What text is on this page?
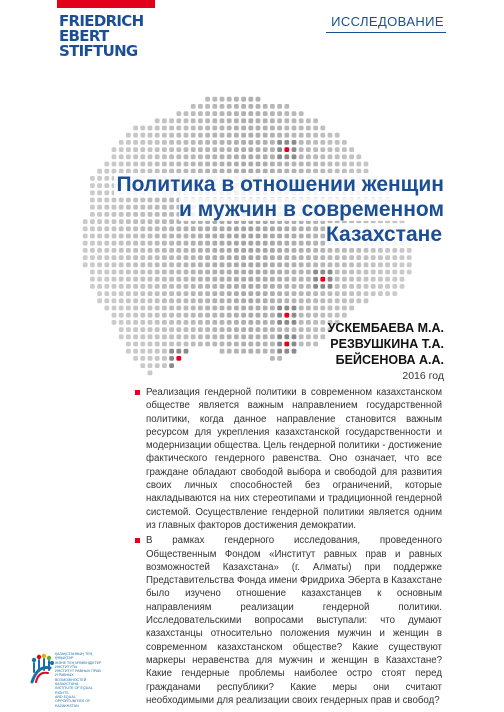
FRIEDRICH
EBERT
STIFTUNG
ИССЛЕДОВАНИЕ
Политика в отношении женщин и мужчин в современном Казахстане
УСКЕМБАЕВА М.А.
РЕЗВУШКИНА Т.А.
БЕЙСЕНОВА А.А.
2016 год

Реализация гендерной политики в современном казахстанском обществе является важным направлением государственной политики, когда данное направление становится важным ресурсом для укрепления казахстанской государственности и модернизации общества. Цель гендерной политики - достижение фактического гендерного равенства. Оно означает, что все граждане обладают свободой выбора и свободой для развития своих личных способностей без ограничений, которые накладываются на них стереотипами и традиционной гендерной системой. Осуществление гендерной политики является одним из главных факторов достижения демократии.

В рамках гендерного исследования, проведенного Общественным Фондом «Институт равных прав и равных возможностей Казахстана» (г. Алматы) при поддержке Представительства Фонда имени Фридриха Эберта в Казахстане было изучено отношение казахстанцев к основным направлениям реализации гендерной политики. Исследовательскими вопросами выступали: что думают казахстанцы относительно положения мужчин и женщин в современном казахстанском обществе? Какие существуют маркеры неравенства для мужчин и женщин в Казахстане? Какие гендерные проблемы наиболее остро стоят перед гражданами республики? Какие меры они считают необходимыми для реализации своих гендерных прав и свобод?

ҚАЗАҚСТАННЫҢ ТЕҢ ҚҰҚЫҚТАР
ЖӘНЕ ТЕҢ МҮМКІНДІКТЕР ИНСТИТУТЫ
ИНСТИТУТ РАВНЫХ ПРАВ
И РАВНЫХ ВОЗМОЖНОСТЕЙ КАЗАХСТАНА
INSTITUTE OF EQUAL RIGHTS
AND EQUAL OPPORTUNITIES OF KAZAKHSTAN
